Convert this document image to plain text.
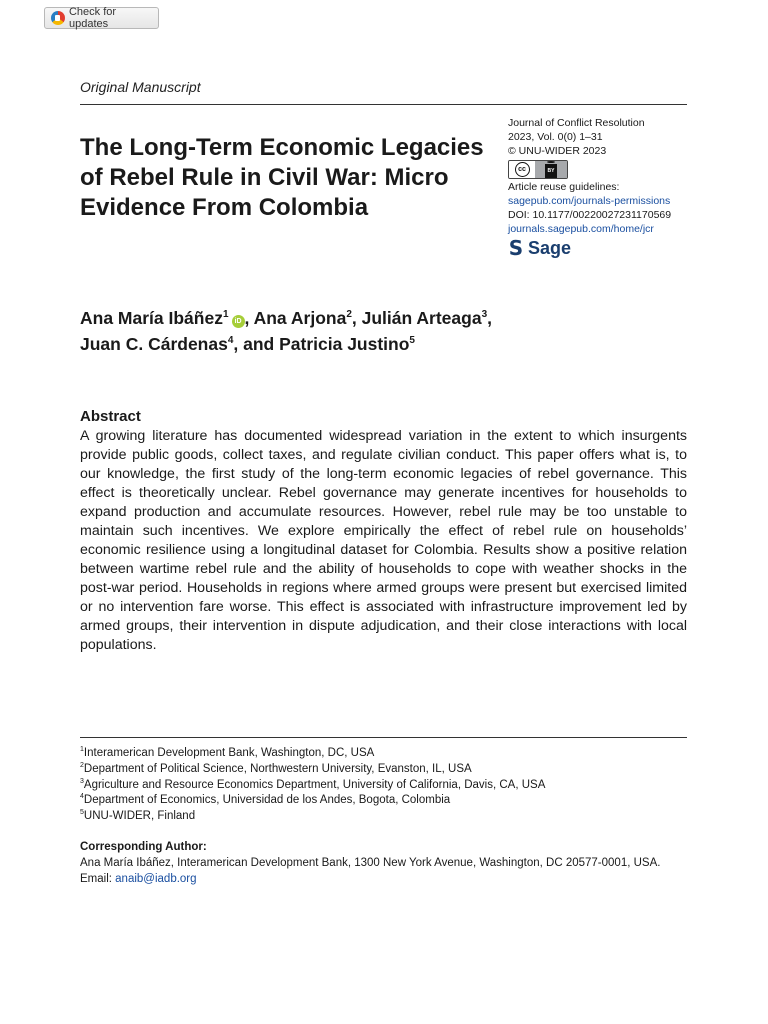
Check for updates
Original Manuscript
The Long-Term Economic Legacies of Rebel Rule in Civil War: Micro Evidence From Colombia
Journal of Conflict Resolution
2023, Vol. 0(0) 1–31
© UNU-WIDER 2023
cc	BY
Article reuse guidelines:
sagepub.com/journals-permissions
DOI: 10.1177/00220027231170569
journals.sagepub.com/home/jcr
S Sage
Ana María Ibáñez$^1$iD , Ana Arjona$^2$, Julián Arteaga$^3$,
Juan C. Cárdenas$^4$, and Patricia Justino$^5$
Abstract

A growing literature has documented widespread variation in the extent to which insurgents provide public goods, collect taxes, and regulate civilian conduct. This paper offers what is, to our knowledge, the first study of the long-term economic legacies of rebel governance. This effect is theoretically unclear. Rebel governance may generate incentives for households to expand production and accumulate resources. However, rebel rule may be too unstable to maintain such incentives. We explore empirically the effect of rebel rule on households’ economic resilience using a longitudinal dataset for Colombia. Results show a positive relation between wartime rebel rule and the ability of households to cope with weather shocks in the post-war period. Households in regions where armed groups were present but exercised limited or no intervention fare worse. This effect is associated with infrastructure improvement led by armed groups, their intervention in dispute adjudication, and their close interactions with local populations.

$^1$Interamerican Development Bank, Washington, DC, USA
$^2$Department of Political Science, Northwestern University, Evanston, IL, USA
$^3$Agriculture and Resource Economics Department, University of California, Davis, CA, USA
$^4$Department of Economics, Universidad de los Andes, Bogota, Colombia
$^5$UNU-WIDER, Finland
Corresponding Author:
Ana María Ibáñez, Interamerican Development Bank, 1300 New York Avenue, Washington, DC 20577-0001, USA.
Email: anaib@iadb.org
